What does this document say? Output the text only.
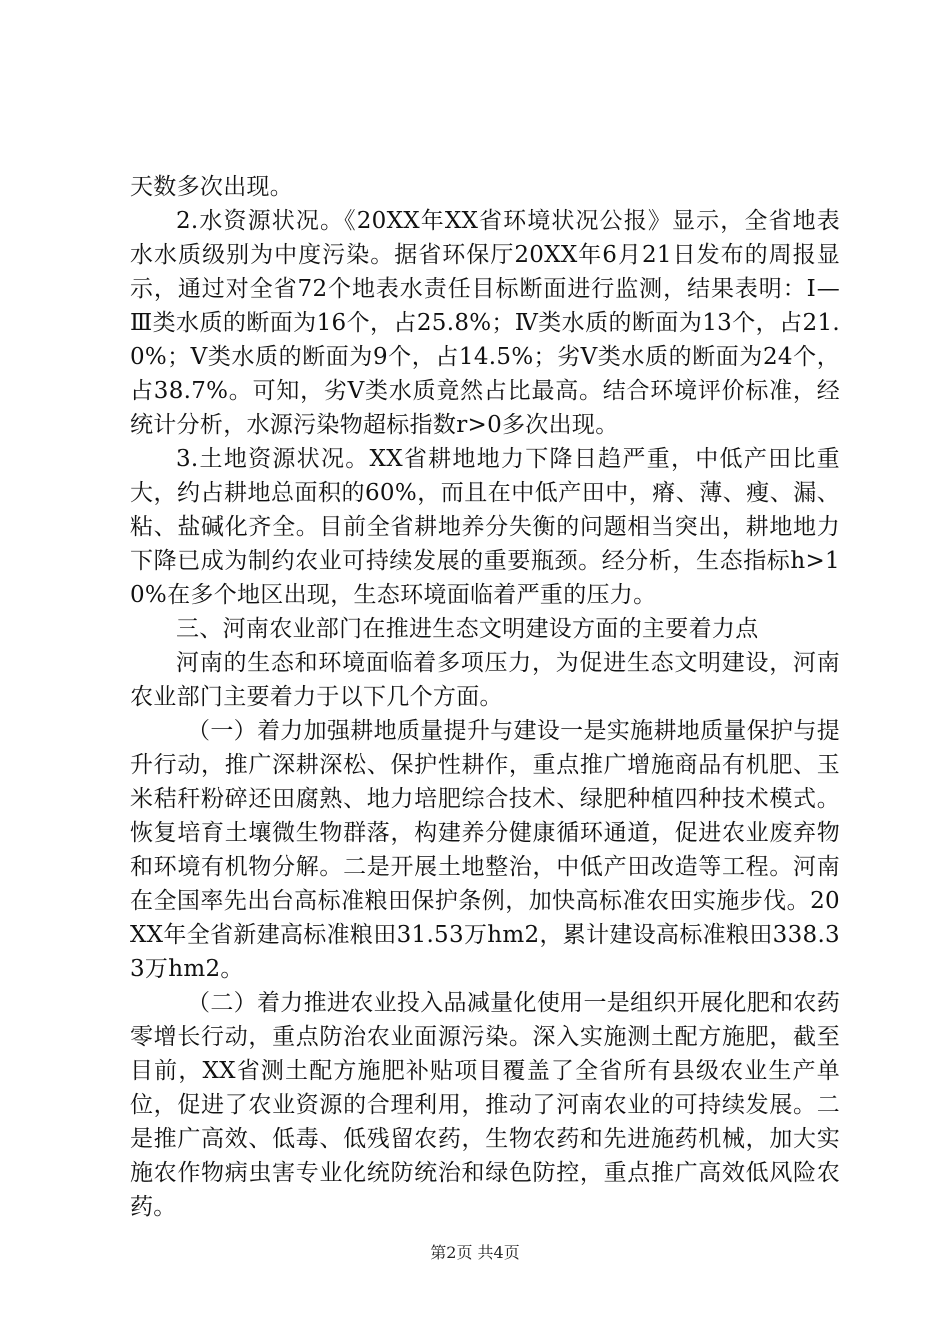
天数多次出现。

2.水资源状况。《20XX年XX省环境状况公报》显示，全省地表水水质级别为中度污染。据省环保厅20XX年6月21日发布的周报显示，通过对全省72个地表水责任目标断面进行监测，结果表明：Ⅰ—Ⅲ类水质的断面为16个，占25.8%；Ⅳ类水质的断面为13个，占21.0%；Ⅴ类水质的断面为9个，占14.5%；劣Ⅴ类水质的断面为24个，占38.7%。可知，劣Ⅴ类水质竟然占比最高。结合环境评价标准，经统计分析，水源污染物超标指数r>0多次出现。

3.土地资源状况。XX省耕地地力下降日趋严重，中低产田比重大，约占耕地总面积的60%，而且在中低产田中，瘠、薄、瘦、漏、粘、盐碱化齐全。目前全省耕地养分失衡的问题相当突出，耕地地力下降已成为制约农业可持续发展的重要瓶颈。经分析，生态指标h>10%在多个地区出现，生态环境面临着严重的压力。

三、河南农业部门在推进生态文明建设方面的主要着力点

河南的生态和环境面临着多项压力，为促进生态文明建设，河南农业部门主要着力于以下几个方面。

（一）着力加强耕地质量提升与建设一是实施耕地质量保护与提升行动，推广深耕深松、保护性耕作，重点推广增施商品有机肥、玉米秸秆粉碎还田腐熟、地力培肥综合技术、绿肥种植四种技术模式。恢复培育土壤微生物群落，构建养分健康循环通道，促进农业废弃物和环境有机物分解。二是开展土地整治，中低产田改造等工程。河南在全国率先出台高标准粮田保护条例，加快高标准农田实施步伐。20XX年全省新建高标准粮田31.53万hm2，累计建设高标准粮田338.33万hm2。

（二）着力推进农业投入品减量化使用一是组织开展化肥和农药零增长行动，重点防治农业面源污染。深入实施测土配方施肥，截至目前，XX省测土配方施肥补贴项目覆盖了全省所有县级农业生产单位，促进了农业资源的合理利用，推动了河南农业的可持续发展。二是推广高效、低毒、低残留农药，生物农药和先进施药机械，加大实施农作物病虫害专业化统防统治和绿色防控，重点推广高效低风险农药。

第2页 共4页
